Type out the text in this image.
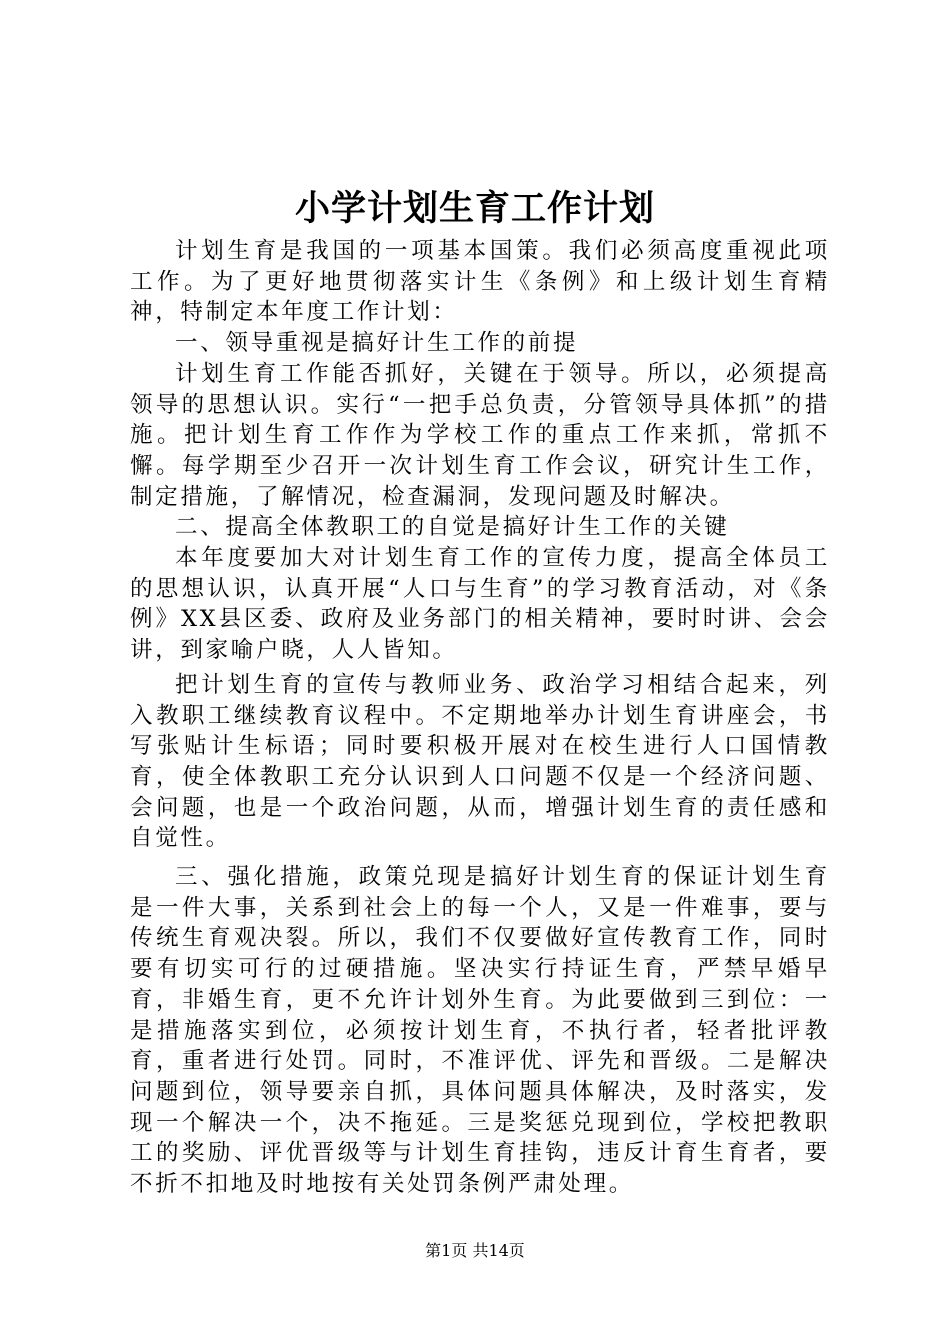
小学计划生育工作计划

计划生育是我国的一项基本国策。我们必须高度重视此项工作。为了更好地贯彻落实计生《条例》和上级计划生育精神，特制定本年度工作计划：

一、领导重视是搞好计生工作的前提

计划生育工作能否抓好，关键在于领导。所以，必须提高领导的思想认识。实行“一把手总负责，分管领导具体抓”的措施。把计划生育工作作为学校工作的重点工作来抓，常抓不懈。每学期至少召开一次计划生育工作会议，研究计生工作，制定措施，了解情况，检查漏洞，发现问题及时解决。

二、提高全体教职工的自觉是搞好计生工作的关键

本年度要加大对计划生育工作的宣传力度，提高全体员工的思想认识，认真开展“人口与生育”的学习教育活动，对《条例》XX县区委、政府及业务部门的相关精神，要时时讲、会会讲，到家喻户晓，人人皆知。

把计划生育的宣传与教师业务、政治学习相结合起来，列入教职工继续教育议程中。不定期地举办计划生育讲座会，书写张贴计生标语；同时要积极开展对在校生进行人口国情教育，使全体教职工充分认识到人口问题不仅是一个经济问题、会问题，也是一个政治问题，从而，增强计划生育的责任感和自觉性。

三、强化措施，政策兑现是搞好计划生育的保证计划生育是一件大事，关系到社会上的每一个人，又是一件难事，要与传统生育观决裂。所以，我们不仅要做好宣传教育工作，同时要有切实可行的过硬措施。坚决实行持证生育，严禁早婚早育，非婚生育，更不允许计划外生育。为此要做到三到位：一是措施落实到位，必须按计划生育，不执行者，轻者批评教育，重者进行处罚。同时，不准评优、评先和晋级。二是解决问题到位，领导要亲自抓，具体问题具体解决，及时落实，发现一个解决一个，决不拖延。三是奖惩兑现到位，学校把教职工的奖励、评优晋级等与计划生育挂钩，违反计育生育者，要不折不扣地及时地按有关处罚条例严肃处理。

第1页 共14页
